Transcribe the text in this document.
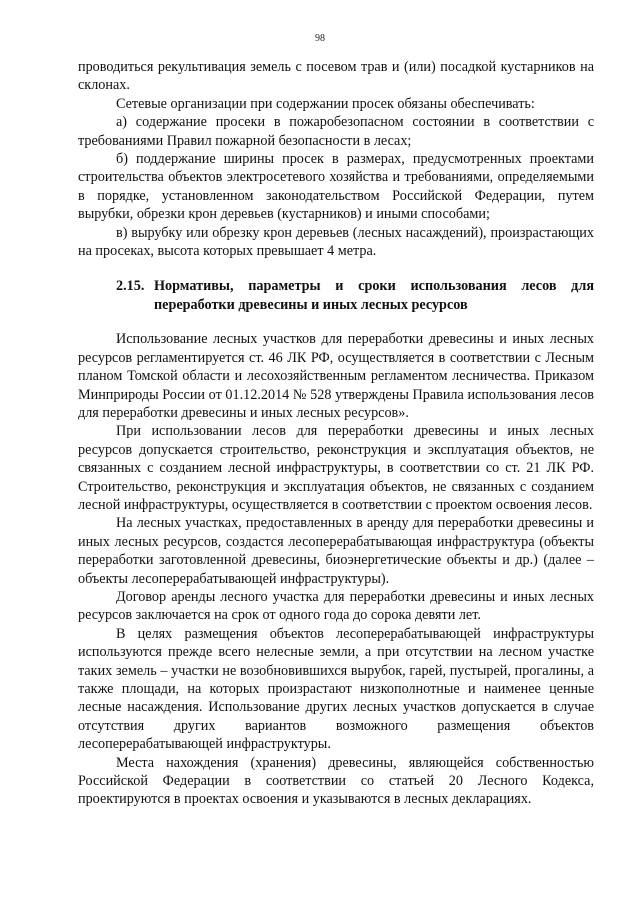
98

проводиться рекультивация земель с посевом трав и (или) посадкой кустарников на склонах.

Сетевые организации при содержании просек обязаны обеспечивать:

а) содержание просеки в пожаробезопасном состоянии в соответствии с требованиями Правил пожарной безопасности в лесах;

б) поддержание ширины просек в размерах, предусмотренных проектами строительства объектов электросетевого хозяйства и требованиями, определяемыми в порядке, установленном законодательством Российской Федерации, путем вырубки, обрезки крон деревьев (кустарников) и иными способами;

в) вырубку или обрезку крон деревьев (лесных насаждений), произрастающих на просеках, высота которых превышает 4 метра.

2.15. Нормативы, параметры и сроки использования лесов для переработки древесины и иных лесных ресурсов

Использование лесных участков для переработки древесины и иных лесных ресурсов регламентируется ст. 46 ЛК РФ, осуществляется в соответствии с Лесным планом Томской области и лесохозяйственным регламентом лесничества. Приказом Минприроды России от 01.12.2014 № 528 утверждены Правила использования лесов для переработки древесины и иных лесных ресурсов».

При использовании лесов для переработки древесины и иных лесных ресурсов допускается строительство, реконструкция и эксплуатация объектов, не связанных с созданием лесной инфраструктуры, в соответствии со ст. 21 ЛК РФ. Строительство, реконструкция и эксплуатация объектов, не связанных с созданием лесной инфраструктуры, осуществляется в соответствии с проектом освоения лесов.

На лесных участках, предоставленных в аренду для переработки древесины и иных лесных ресурсов, создастся лесоперерабатывающая инфраструктура (объекты переработки заготовленной древесины, биоэнергетические объекты и др.) (далее – объекты лесоперерабатывающей инфраструктуры).

Договор аренды лесного участка для переработки древесины и иных лесных ресурсов заключается на срок от одного года до сорока девяти лет.

В целях размещения объектов лесоперерабатывающей инфраструктуры используются прежде всего нелесные земли, а при отсутствии на лесном участке таких земель – участки не возобновившихся вырубок, гарей, пустырей, прогалины, а также площади, на которых произрастают низкополнотные и наименее ценные лесные насаждения. Использование других лесных участков допускается в случае отсутствия других вариантов возможного размещения объектов лесоперерабатывающей инфраструктуры.

Места нахождения (хранения) древесины, являющейся собственностью Российской Федерации в соответствии со статьей 20 Лесного Кодекса, проектируются в проектах освоения и указываются в лесных декларациях.
